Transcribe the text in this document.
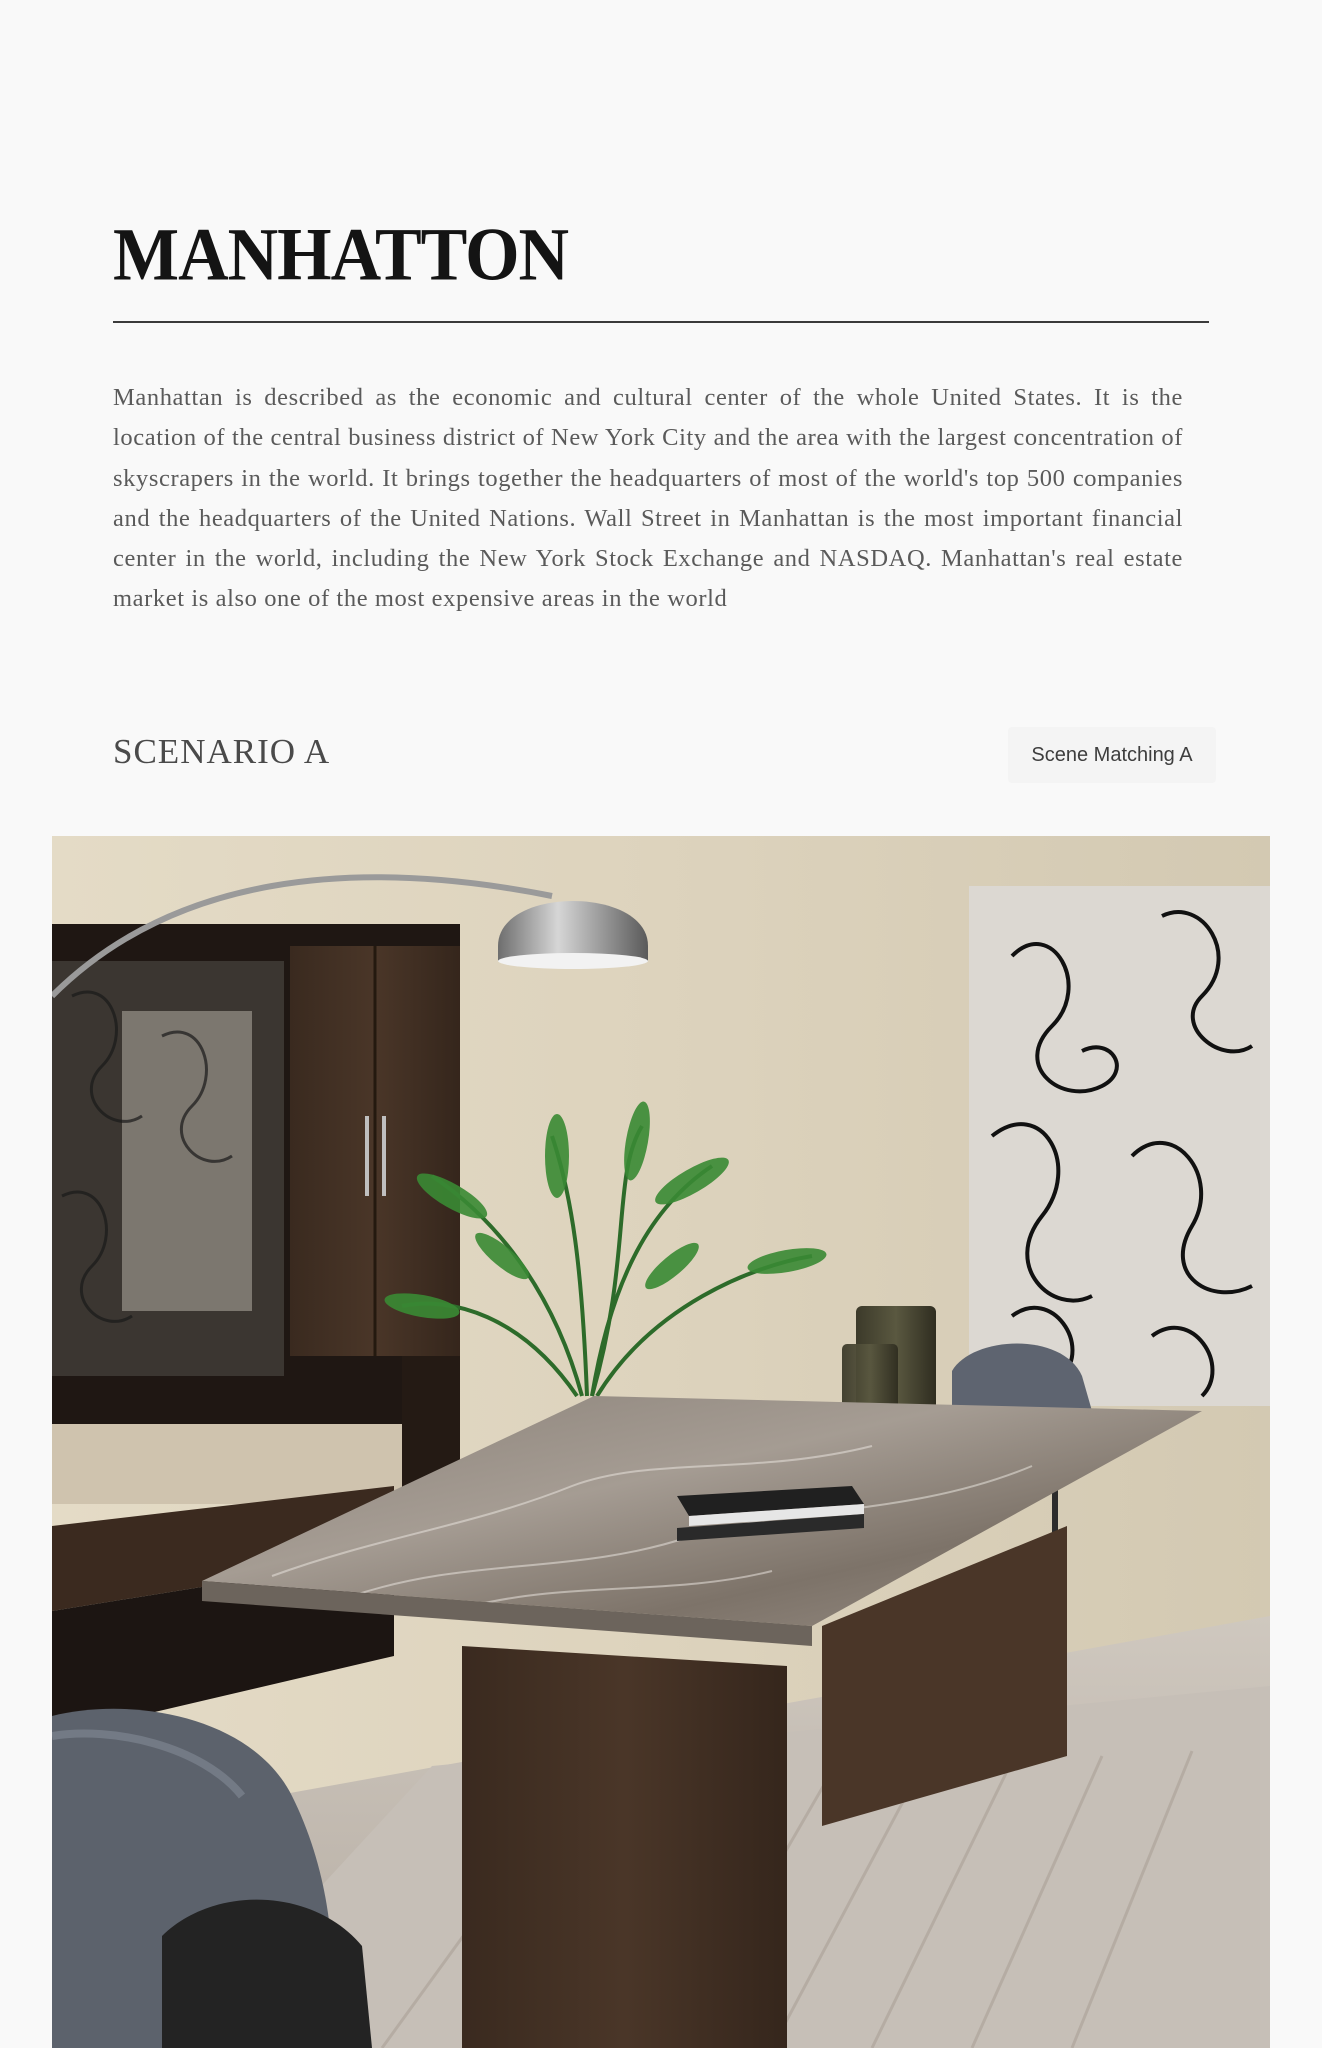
MANHATTON

Manhattan is described as the economic and cultural center of the whole United States. It is the location of the central business district of New York City and the area with the largest concentration of skyscrapers in the world. It brings together the headquarters of most of the world's top 500 companies and the headquarters of the United Nations. Wall Street in Manhattan is the most important financial center in the world, including the New York Stock Exchange and NASDAQ. Manhattan's real estate market is also one of the most expensive areas in the world

SCENARIO A	Scene Matching A
